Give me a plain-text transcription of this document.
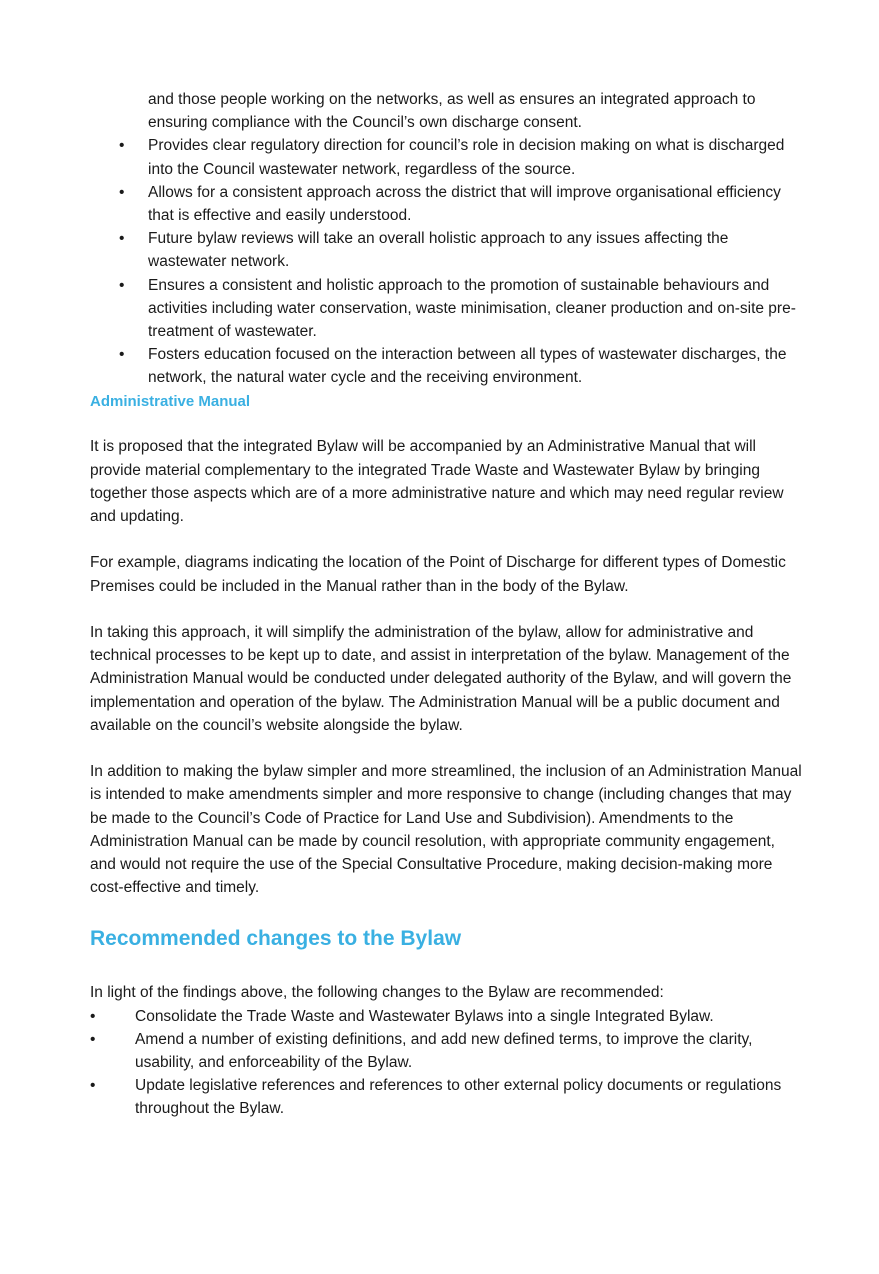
and those people working on the networks, as well as ensures an integrated approach to ensuring compliance with the Council’s own discharge consent.
• Provides clear regulatory direction for council’s role in decision making on what is discharged into the Council wastewater network, regardless of the source.
• Allows for a consistent approach across the district that will improve organisational efficiency that is effective and easily understood.
• Future bylaw reviews will take an overall holistic approach to any issues affecting the wastewater network.
• Ensures a consistent and holistic approach to the promotion of sustainable behaviours and activities including water conservation, waste minimisation, cleaner production and on-site pre-treatment of wastewater.
• Fosters education focused on the interaction between all types of wastewater discharges, the network, the natural water cycle and the receiving environment.
Administrative Manual

It is proposed that the integrated Bylaw will be accompanied by an Administrative Manual that will provide material complementary to the integrated Trade Waste and Wastewater Bylaw by bringing together those aspects which are of a more administrative nature and which may need regular review and updating.

For example, diagrams indicating the location of the Point of Discharge for different types of Domestic Premises could be included in the Manual rather than in the body of the Bylaw.

In taking this approach, it will simplify the administration of the bylaw, allow for administrative and technical processes to be kept up to date, and assist in interpretation of the bylaw. Management of the Administration Manual would be conducted under delegated authority of the Bylaw, and will govern the implementation and operation of the bylaw. The Administration Manual will be a public document and available on the council’s website alongside the bylaw.

In addition to making the bylaw simpler and more streamlined, the inclusion of an Administration Manual is intended to make amendments simpler and more responsive to change (including changes that may be made to the Council’s Code of Practice for Land Use and Subdivision). Amendments to the Administration Manual can be made by council resolution, with appropriate community engagement, and would not require the use of the Special Consultative Procedure, making decision-making more cost-effective and timely.

Recommended changes to the Bylaw

In light of the findings above, the following changes to the Bylaw are recommended:

•	Consolidate the Trade Waste and Wastewater Bylaws into a single Integrated Bylaw.
•	Amend a number of existing definitions, and add new defined terms, to improve the clarity, usability, and enforceability of the Bylaw.
•	Update legislative references and references to other external policy documents or regulations throughout the Bylaw.
